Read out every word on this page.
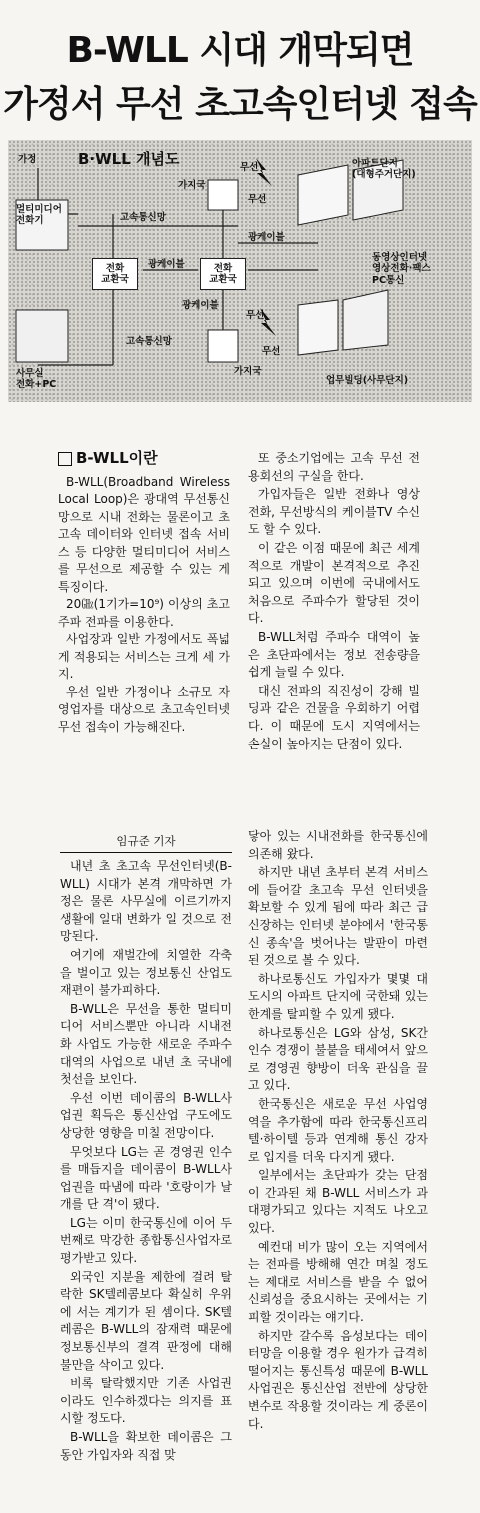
B-WLL 시대 개막되면
가정서 무선 초고속인터넷 접속
B·WLL 개념도
가정
멀티미디어
전화기	고속통신망
전화
교환국
전화
교환국
광케이블
광케이블
광케이블
가지국
가지국
무선
무선
무선
무선
아파트단지
(대형주거단지)
동영상인터넷
영상전화·팩스
PC통신
사무실
전화+PC
고속통신망
업무빌딩(사무단지)
B-WLL이란

B-WLL(Broadband Wireless Local Loop)은 광대역 무선통신망으로 시내 전화는 물론이고 초고속 데이터와 인터넷 접속 서비스 등 다양한 멀티미디어 서비스를 무선으로 제공할 수 있는 게 특징이다.

20㎓(1기가=10⁹) 이상의 초고주파 전파를 이용한다.

사업장과 일반 가정에서도 폭넓게 적용되는 서비스는 크게 세 가지.

우선 일반 가정이나 소규모 자영업자를 대상으로 초고속인터넷 무선 접속이 가능해진다.

또 중소기업에는 고속 무선 전용회선의 구실을 한다.

가입자들은 일반 전화나 영상전화, 무선방식의 케이블TV 수신도 할 수 있다.

이 같은 이점 때문에 최근 세계적으로 개발이 본격적으로 추진되고 있으며 이번에 국내에서도 처음으로 주파수가 할당된 것이다.

B-WLL처럼 주파수 대역이 높은 초단파에서는 정보 전송량을 쉽게 늘릴 수 있다.

대신 전파의 직진성이 강해 빌딩과 같은 건물을 우회하기 어렵다. 이 때문에 도시 지역에서는 손실이 높아지는 단점이 있다.

임규준 기자

내년 초 초고속 무선인터넷(B-WLL) 시대가 본격 개막하면 가정은 물론 사무실에 이르기까지 생활에 일대 변화가 일 것으로 전망된다.

여기에 재벌간에 치열한 각축을 벌이고 있는 정보통신 산업도 재편이 불가피하다.

B-WLL은 무선을 통한 멀티미디어 서비스뿐만 아니라 시내전화 사업도 가능한 새로운 주파수대역의 사업으로 내년 초 국내에 첫선을 보인다.

우선 이번 데이콤의 B-WLL사업권 획득은 통신산업 구도에도 상당한 영향을 미칠 전망이다.

무엇보다 LG는 곧 경영권 인수를 매듭지을 데이콤이 B-WLL사업권을 따냄에 따라 '호랑이가 날개를 단 격'이 됐다.

LG는 이미 한국통신에 이어 두 번째로 막강한 종합통신사업자로 평가받고 있다.

외국인 지분율 제한에 걸려 탈락한 SK텔레콤보다 확실히 우위에 서는 계기가 된 셈이다. SK텔레콤은 B-WLL의 잠재력 때문에 정보통신부의 결격 판정에 대해 불만을 삭이고 있다.

비록 탈락했지만 기존 사업권이라도 인수하겠다는 의지를 표시할 정도다.

B-WLL을 확보한 데이콤은 그 동안 가입자와 직접 맞

닿아 있는 시내전화를 한국통신에 의존해 왔다.

하지만 내년 초부터 본격 서비스에 들어갈 초고속 무선 인터넷을 확보할 수 있게 됨에 따라 최근 급신장하는 인터넷 분야에서 '한국통신 종속'을 벗어나는 발판이 마련된 것으로 볼 수 있다.

하나로통신도 가입자가 몇몇 대도시의 아파트 단지에 국한돼 있는 한계를 탈피할 수 있게 됐다.

하나로통신은 LG와 삼성, SK간 인수 경쟁이 불붙을 태세여서 앞으로 경영권 향방이 더욱 관심을 끌고 있다.

한국통신은 새로운 무선 사업영역을 추가함에 따라 한국통신프리텔·하이텔 등과 연계해 통신 강자로 입지를 더욱 다지게 됐다.

일부에서는 초단파가 갖는 단점이 간과된 채 B-WLL 서비스가 과대평가되고 있다는 지적도 나오고 있다.

예컨대 비가 많이 오는 지역에서는 전파를 방해해 연간 며칠 정도는 제대로 서비스를 받을 수 없어 신뢰성을 중요시하는 곳에서는 기피할 것이라는 얘기다.

하지만 갈수록 음성보다는 데이터망을 이용할 경우 원가가 급격히 떨어지는 통신특성 때문에 B-WLL 사업권은 통신산업 전반에 상당한 변수로 작용할 것이라는 게 중론이다.
